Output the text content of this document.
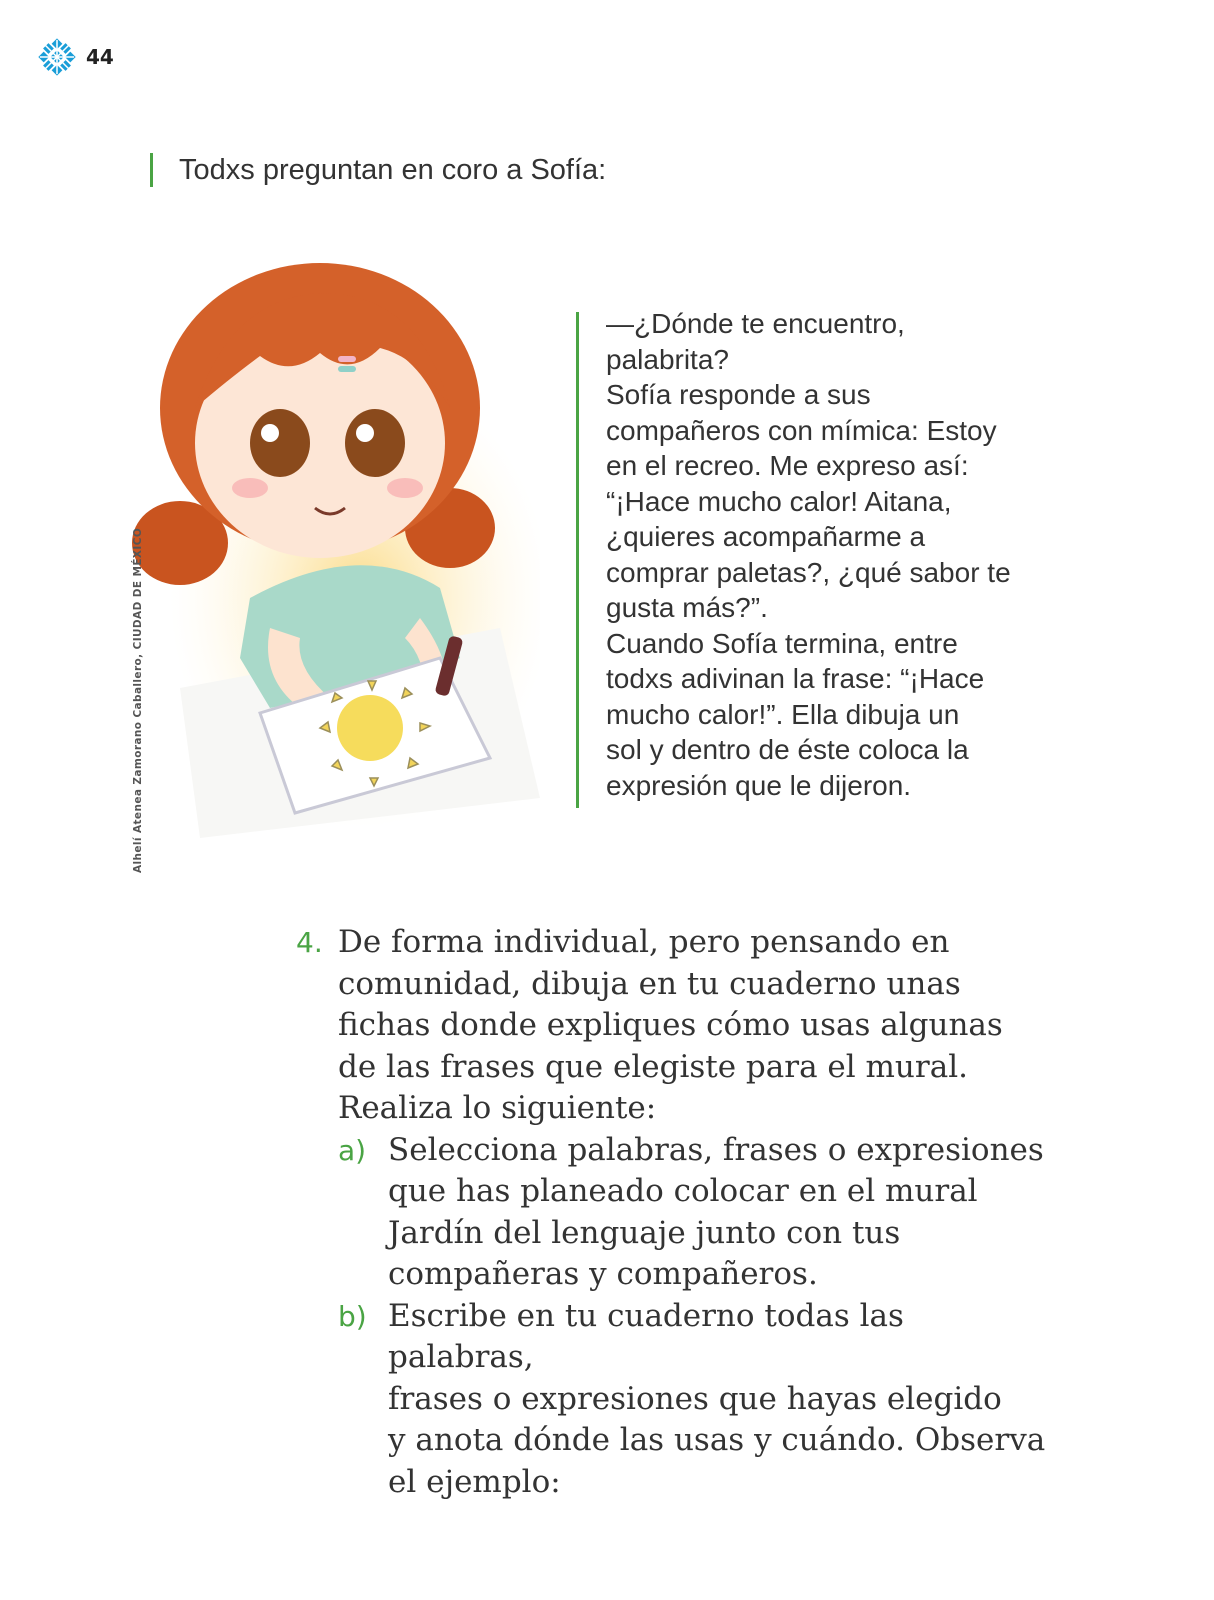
44
Todxs preguntan en coro a Sofía:
Alhelí Atenea Zamorano Caballero, CIUDAD DE MÉXICO

—¿Dónde te encuentro,

palabrita?

Sofía responde a sus

compañeros con mímica: Estoy

en el recreo. Me expreso así:

“¡Hace mucho calor! Aitana,

¿quieres acompañarme a

comprar paletas?, ¿qué sabor te

gusta más?”.

Cuando Sofía termina, entre

todxs adivinan la frase: “¡Hace

mucho calor!”. Ella dibuja un

sol y dentro de éste coloca la

expresión que le dijeron.

4. De forma individual, pero pensando en
comunidad, dibuja en tu cuaderno unas
fichas donde expliques cómo usas algunas
de las frases que elegiste para el mural.
Realiza lo siguiente:
a) Selecciona palabras, frases o expresiones
que has planeado colocar en el mural
Jardín del lenguaje junto con tus
compañeras y compañeros.
b) Escribe en tu cuaderno todas las palabras,
frases o expresiones que hayas elegido
y anota dónde las usas y cuándo. Observa
el ejemplo:
